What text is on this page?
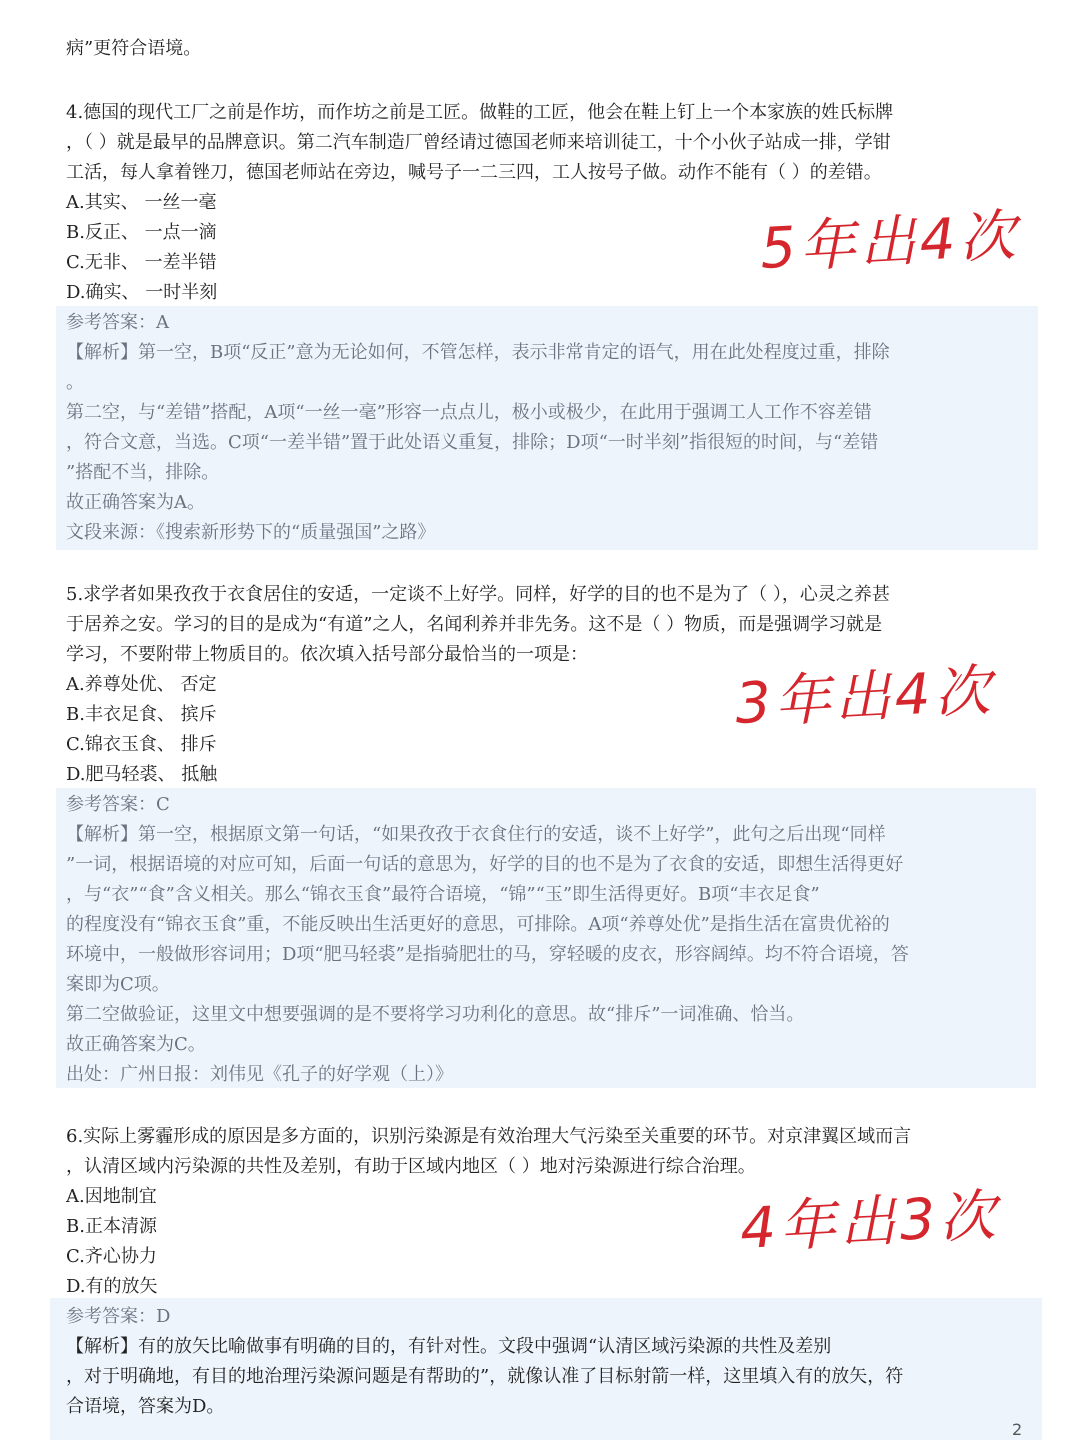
病”更符合语境。
4.德国的现代工厂之前是作坊，而作坊之前是工匠。做鞋的工匠，他会在鞋上钉上一个本家族的姓氏标牌
，（ ）就是最早的品牌意识。第二汽车制造厂曾经请过德国老师来培训徒工，十个小伙子站成一排，学钳
工活，每人拿着锉刀，德国老师站在旁边，喊号子一二三四，工人按号子做。动作不能有（ ）的差错。
A.其实、 一丝一毫
B.反正、 一点一滴
C.无非、 一差半错
D.确实、 一时半刻
参考答案：A
【解析】第一空，B项“反正”意为无论如何，不管怎样，表示非常肯定的语气，用在此处程度过重，排除
。
第二空，与“差错”搭配，A项“一丝一毫”形容一点点儿，极小或极少，在此用于强调工人工作不容差错
，符合文意，当选。C项“一差半错”置于此处语义重复，排除；D项“一时半刻”指很短的时间，与“差错
”搭配不当，排除。
故正确答案为A。
文段来源：《搜索新形势下的“质量强国”之路》
5年出4次
5.求学者如果孜孜于衣食居住的安适，一定谈不上好学。同样，好学的目的也不是为了（ ），心灵之养甚
于居养之安。学习的目的是成为“有道”之人，名闻利养并非先务。这不是（ ）物质，而是强调学习就是
学习，不要附带上物质目的。依次填入括号部分最恰当的一项是：
A.养尊处优、 否定
B.丰衣足食、 摈斥
C.锦衣玉食、 排斥
D.肥马轻裘、 抵触
参考答案：C
【解析】第一空，根据原文第一句话，“如果孜孜于衣食住行的安适，谈不上好学”，此句之后出现“同样
”一词，根据语境的对应可知，后面一句话的意思为，好学的目的也不是为了衣食的安适，即想生活得更好
，与“衣”“食”含义相关。那么“锦衣玉食”最符合语境，“锦”“玉”即生活得更好。B项“丰衣足食”
的程度没有“锦衣玉食”重，不能反映出生活更好的意思，可排除。A项“养尊处优”是指生活在富贵优裕的
环境中，一般做形容词用；D项“肥马轻裘”是指骑肥壮的马，穿轻暖的皮衣，形容阔绰。均不符合语境，答
案即为C项。
第二空做验证，这里文中想要强调的是不要将学习功利化的意思。故“排斥”一词准确、恰当。
故正确答案为C。
出处：广州日报：刘伟见《孔子的好学观（上）》
3年出4次
6.实际上雾霾形成的原因是多方面的，识别污染源是有效治理大气污染至关重要的环节。对京津翼区域而言
，认清区域内污染源的共性及差别，有助于区域内地区（ ）地对污染源进行综合治理。
A.因地制宜
B.正本清源
C.齐心协力
D.有的放矢
参考答案：D
【解析】有的放矢比喻做事有明确的目的，有针对性。文段中强调“认清区域污染源的共性及差别
，对于明确地，有目的地治理污染源问题是有帮助的”，就像认准了目标射箭一样，这里填入有的放矢，符
合语境，答案为D。
4年出3次
2
